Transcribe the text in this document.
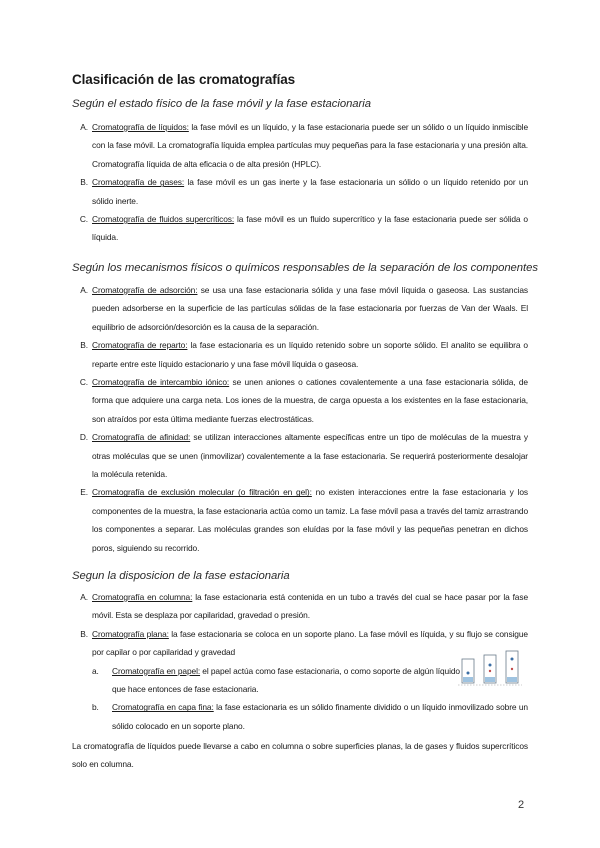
Clasificación de las cromatografías
Según el estado físico de la fase móvil y la fase estacionaria
A. Cromatografía de líquidos: la fase móvil es un líquido, y la fase estacionaria puede ser un sólido o un líquido inmiscible con la fase móvil. La cromatografía líquida emplea partículas muy pequeñas para la fase estacionaria y una presión alta. Cromatografía líquida de alta eficacia o de alta presión (HPLC).
B. Cromatografía de gases: la fase móvil es un gas inerte y la fase estacionaria un sólido o un líquido retenido por un sólido inerte.
C. Cromatografía de fluidos supercríticos: la fase móvil es un fluido supercrítico y la fase estacionaria puede ser sólida o líquida.
Según los mecanismos físicos o químicos responsables de la separación de los componentes
A. Cromatografía de adsorción: se usa una fase estacionaria sólida y una fase móvil líquida o gaseosa. Las sustancias pueden adsorberse en la superficie de las partículas sólidas de la fase estacionaria por fuerzas de Van der Waals. El equilibrio de adsorción/desorción es la causa de la separación.
B. Cromatografía de reparto: la fase estacionaria es un líquido retenido sobre un soporte sólido. El analito se equilibra o reparte entre este líquido estacionario y una fase móvil líquida o gaseosa.
C. Cromatografía de intercambio iónico: se unen aniones o cationes covalentemente a una fase estacionaria sólida, de forma que adquiere una carga neta. Los iones de la muestra, de carga opuesta a los existentes en la fase estacionaria, son atraídos por esta última mediante fuerzas electrostáticas.
D. Cromatografía de afinidad: se utilizan interacciones altamente específicas entre un tipo de moléculas de la muestra y otras moléculas que se unen (inmovilizar) covalentemente a la fase estacionaria. Se requerirá posteriormente desalojar la molécula retenida.
E. Cromatografía de exclusión molecular (o filtración en gel): no existen interacciones entre la fase estacionaria y los componentes de la muestra, la fase estacionaria actúa como un tamiz. La fase móvil pasa a través del tamiz arrastrando los componentes a separar. Las moléculas grandes son eluídas por la fase móvil y las pequeñas penetran en dichos poros, siguiendo su recorrido.
Segun la disposicion de la fase estacionaria
A. Cromatografía en columna: la fase estacionaria está contenida en un tubo a través del cual se hace pasar por la fase móvil. Esta se desplaza por capilaridad, gravedad o presión.
B. Cromatografía plana: la fase estacionaria se coloca en un soporte plano. La fase móvil es líquida, y su flujo se consigue por capilar o por capilaridad y gravedad
a.	Cromatografía en papel: el papel actúa como fase estacionaria, o como soporte de algún líquido que hace entonces de fase estacionaria.
b.	Cromatografía en capa fina: la fase estacionaria es un sólido finamente dividido o un líquido inmovilizado sobre un sólido colocado en un soporte plano.
La cromatografía de líquidos puede llevarse a cabo en columna o sobre superficies planas, la de gases y fluidos supercríticos solo en columna.
2
